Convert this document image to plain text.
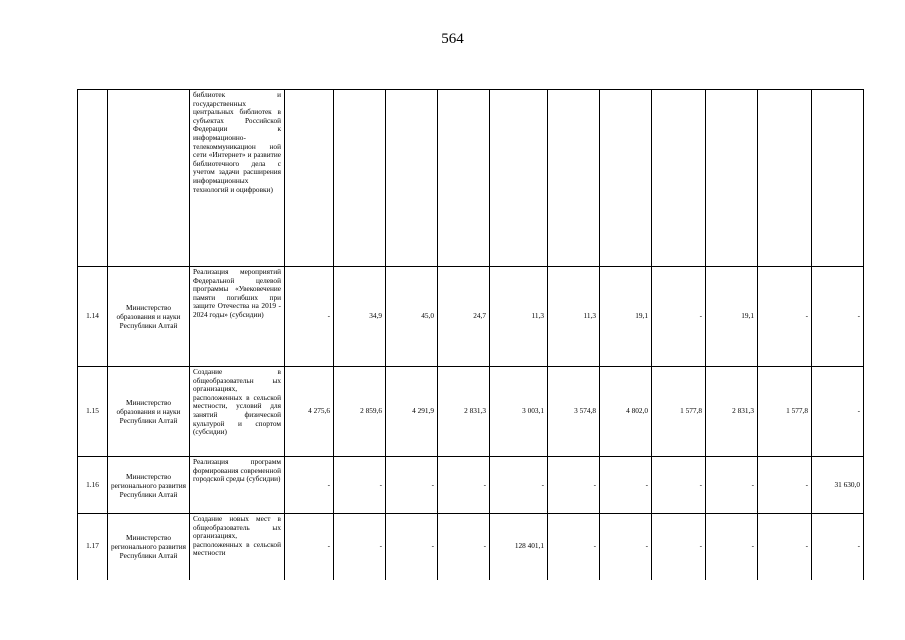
564
		библиотек и государственных центральных библиотек в субъектах Российской Федерации к информационно-телекоммуникацион ной сети «Интернет» и развитие библиотечного дела с учетом задачи расширения информационных технологий и оцифровки)											
1.14	Министерство образования и науки Республики Алтай	Реализация мероприятий Федеральной целевой программы «Увековечение памяти погибших при защите Отечества на 2019 - 2024 годы» (субсидии)	-	34,9	45,0	24,7	11,3	11,3	19,1	-	19,1	-	-
1.15	Министерство образования и науки Республики Алтай	Создание в общеобразовательн ых организациях, расположенных в сельской местности, условий для занятий физической культурой и спортом (субсидии)	4 275,6	2 859,6	4 291,9	2 831,3	3 003,1	3 574,8	4 802,0	1 577,8	2 831,3	1 577,8	-
1.16	Министерство регионального развития Республики Алтай	Реализация программ формирования современной городской среды (субсидии)	-	-	-	-	-	-	-	-	-	-	31 630,0
1.17	Министерство регионального развития Республики Алтай	Создание новых мест в общеобразователь ых организациях, расположенных в сельской местности	-	-	-	-	128 401,1	-	-	-	-	-	-
